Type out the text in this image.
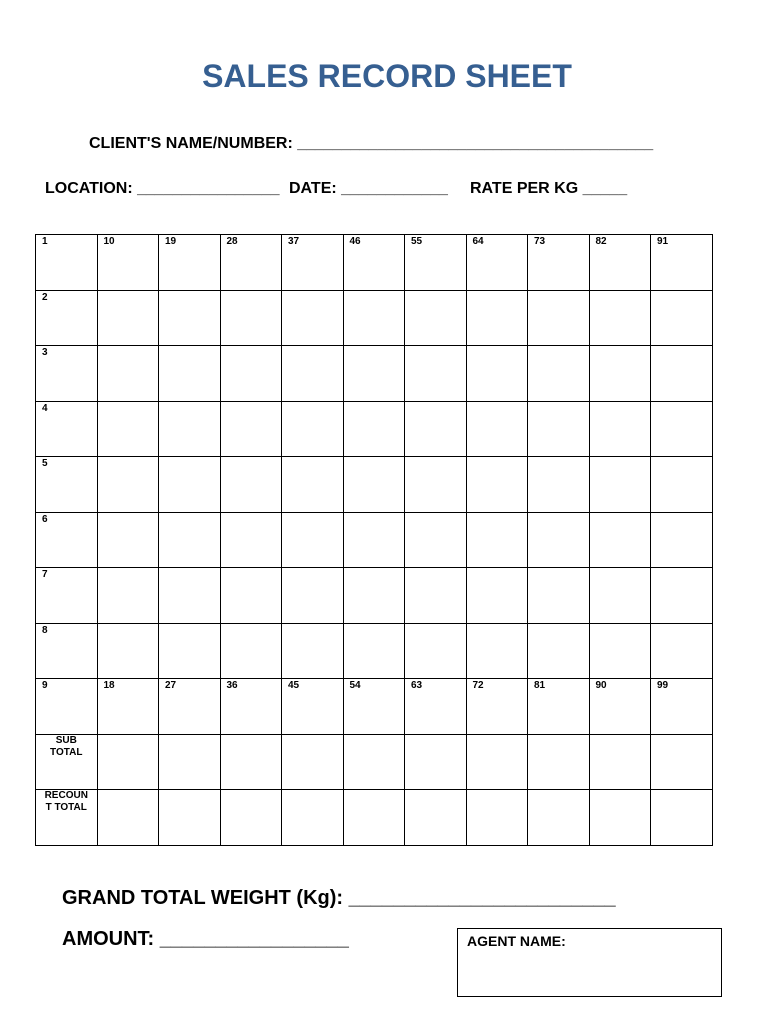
SALES RECORD SHEET
CLIENT'S NAME/NUMBER: ________________________________________
LOCATION: ________________ DATE: ____________ RATE PER KG _____
1	10	19	28	37	46	55	64	73	82	91

2										

3										

4										

5										

6										

7										

8										

9	18	27	36	45	54	63	72	81	90	99

SUB
TOTAL										

RECOUN
T TOTAL										

GRAND TOTAL WEIGHT (Kg): ________________________
AMOUNT: _________________	AGENT NAME:
